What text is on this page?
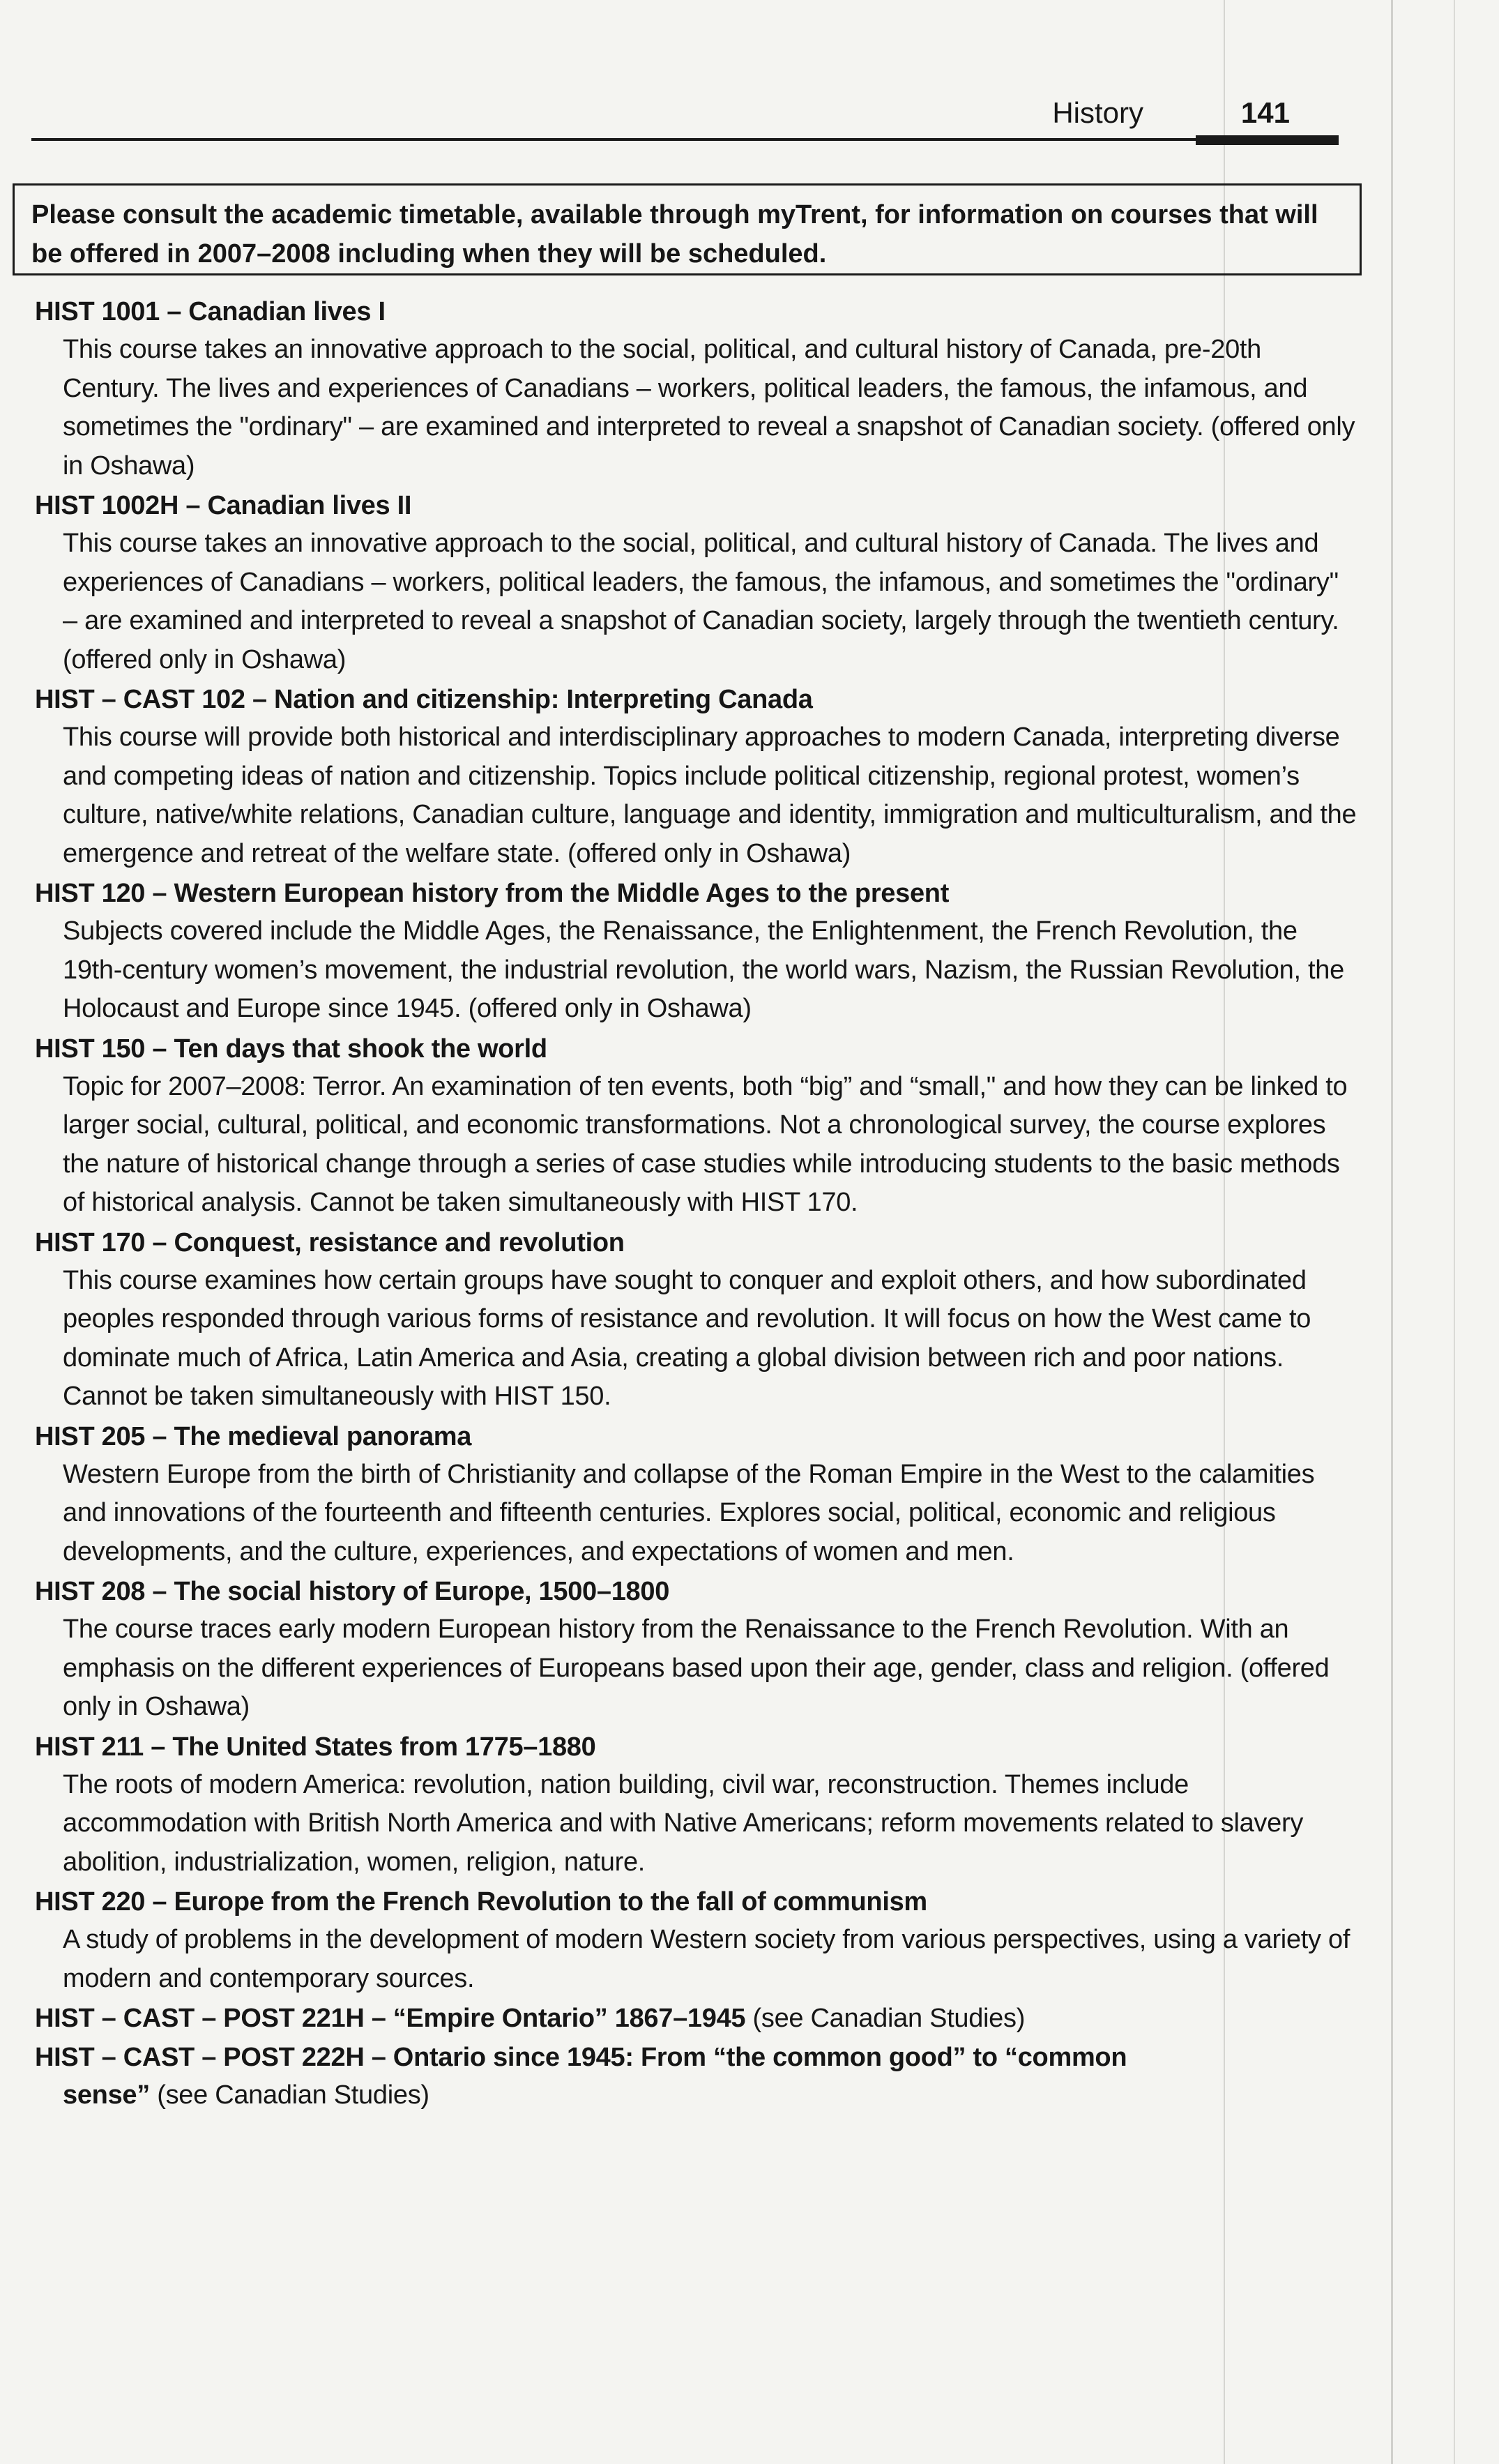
History	141
Please consult the academic timetable, available through myTrent, for information on courses that will be offered in 2007–2008 including when they will be scheduled.

HIST 1001 – Canadian lives I

This course takes an innovative approach to the social, political, and cultural history of Canada, pre-20th Century. The lives and experiences of Canadians – workers, political leaders, the famous, the infamous, and sometimes the "ordinary" – are examined and interpreted to reveal a snapshot of Canadian society. (offered only in Oshawa)

HIST 1002H – Canadian lives II

This course takes an innovative approach to the social, political, and cultural history of Canada. The lives and experiences of Canadians – workers, political leaders, the famous, the infamous, and sometimes the "ordinary" – are examined and interpreted to reveal a snapshot of Canadian society, largely through the twentieth century. (offered only in Oshawa)

HIST – CAST 102 – Nation and citizenship: Interpreting Canada

This course will provide both historical and interdisciplinary approaches to modern Canada, interpreting diverse and competing ideas of nation and citizenship. Topics include political citizenship, regional protest, women’s culture, native/white relations, Canadian culture, language and identity, immigration and multiculturalism, and the emergence and retreat of the welfare state. (offered only in Oshawa)

HIST 120 – Western European history from the Middle Ages to the present

Subjects covered include the Middle Ages, the Renaissance, the Enlightenment, the French Revolution, the 19th-century women’s movement, the industrial revolution, the world wars, Nazism, the Russian Revolution, the Holocaust and Europe since 1945. (offered only in Oshawa)

HIST 150 – Ten days that shook the world

Topic for 2007–2008: Terror. An examination of ten events, both “big” and “small," and how they can be linked to larger social, cultural, political, and economic transformations. Not a chronological survey, the course explores the nature of historical change through a series of case studies while introducing students to the basic methods of historical analysis. Cannot be taken simultaneously with HIST 170.

HIST 170 – Conquest, resistance and revolution

This course examines how certain groups have sought to conquer and exploit others, and how subordinated peoples responded through various forms of resistance and revolution. It will focus on how the West came to dominate much of Africa, Latin America and Asia, creating a global division between rich and poor nations. Cannot be taken simultaneously with HIST 150.

HIST 205 – The medieval panorama

Western Europe from the birth of Christianity and collapse of the Roman Empire in the West to the calamities and innovations of the fourteenth and fifteenth centuries. Explores social, political, economic and religious developments, and the culture, experiences, and expectations of women and men.

HIST 208 – The social history of Europe, 1500–1800

The course traces early modern European history from the Renaissance to the French Revolution. With an emphasis on the different experiences of Europeans based upon their age, gender, class and religion. (offered only in Oshawa)

HIST 211 – The United States from 1775–1880

The roots of modern America: revolution, nation building, civil war, reconstruction. Themes include accommodation with British North America and with Native Americans; reform movements related to slavery abolition, industrialization, women, religion, nature.

HIST 220 – Europe from the French Revolution to the fall of communism

A study of problems in the development of modern Western society from various perspectives, using a variety of modern and contemporary sources.

HIST – CAST – POST 221H – “Empire Ontario” 1867–1945 (see Canadian Studies)

HIST – CAST – POST 222H – Ontario since 1945: From “the common good” to “common
sense” (see Canadian Studies)
